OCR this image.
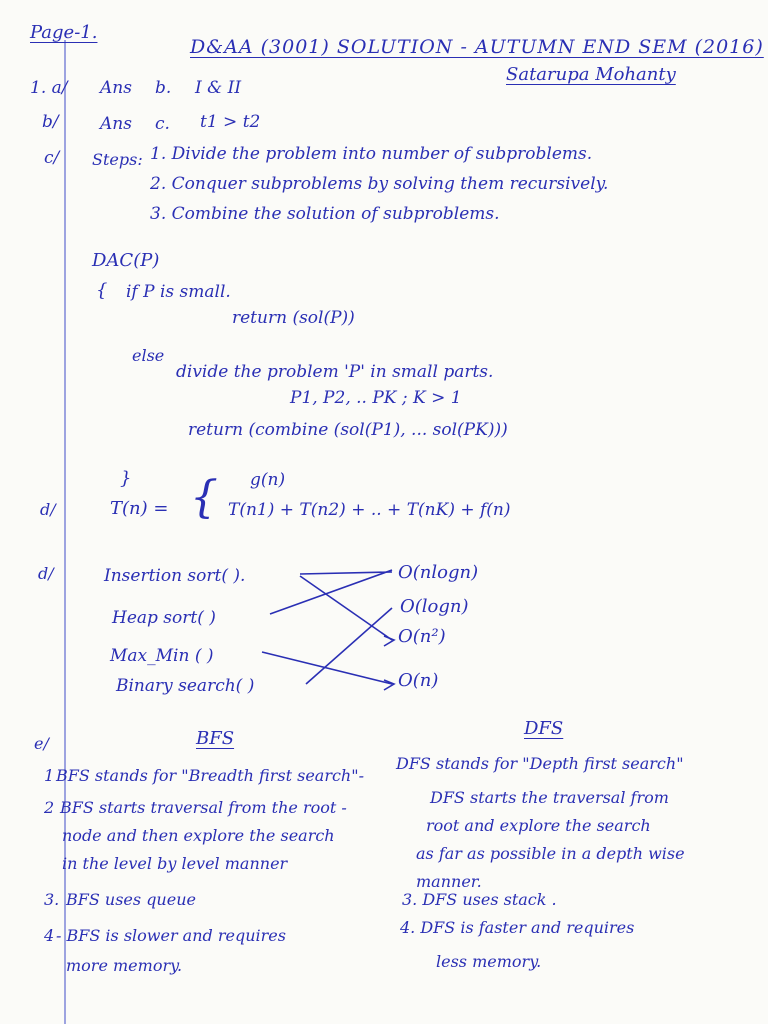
Page-1.
D&AA (3001) SOLUTION - AUTUMN END SEM (2016)
Satarupa Mohanty
1. a/ Ans b. I & II
b/ Ans c. t1 > t2
c/ Steps: 1. Divide the problem into number of subproblems.
2. Conquer subproblems by solving them recursively.
3. Combine the solution of subproblems.
DAC(P)
{ if P is small.
return (sol(P))
else
divide the problem 'P' in small parts.
P1, P2, .. PK ; K > 1
return (combine (sol(P1), ... sol(PK)))
}
d/	T(n) = { g(n)
T(n1) + T(n2) + .. + T(nK) + f(n)
d/	Insertion sort( ).
Heap sort( )
Max_Min ( )
Binary search( )
O(nlogn)
O(logn)
O(n²)
O(n)
e/	BFS	DFS
1 BFS stands for "Breadth first search"-
DFS stands for "Depth first search"
2 BFS starts traversal from the root -
node and then explore the search
in the level by level manner
DFS starts the traversal from
root and explore the search
as far as possible in a depth wise
manner.
3. BFS uses queue	3. DFS uses stack .
4 - BFS is slower and requires
more memory.
4. DFS is faster and requires
less memory.
